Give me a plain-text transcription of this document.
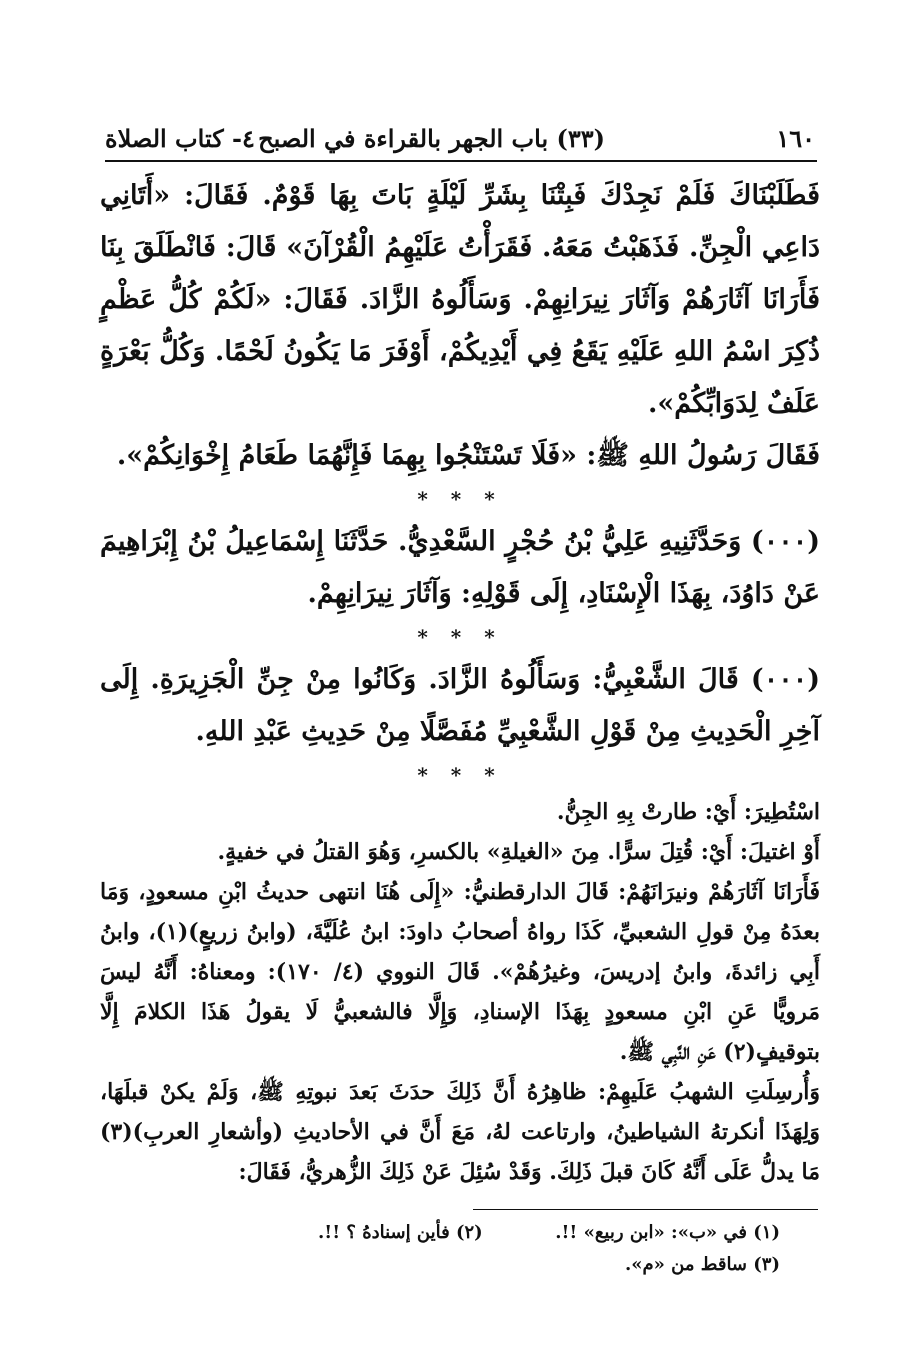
١٦٠
(٣٣) باب الجهر بالقراءة في الصبح
٤- كتاب الصلاة

فَطَلَبْنَاكَ فَلَمْ نَجِدْكَ فَبِتْنَا بِشَرِّ لَيْلَةٍ بَاتَ بِهَا قَوْمٌ. فَقَالَ: «أَتَانِي دَاعِي الْجِنِّ. فَذَهَبْتُ مَعَهُ. فَقَرَأْتُ عَلَيْهِمُ الْقُرْآنَ» قَالَ: فَانْطَلَقَ بِنَا فَأَرَانَا آثَارَهُمْ وَآثَارَ نِيرَانِهِمْ. وَسَأَلُوهُ الزَّادَ. فَقَالَ: «لَكُمْ كُلُّ عَظْمٍ ذُكِرَ اسْمُ اللهِ عَلَيْهِ يَقَعُ فِي أَيْدِيكُمْ، أَوْفَرَ مَا يَكُونُ لَحْمًا. وَكُلُّ بَعْرَةٍ عَلَفٌ لِدَوَابِّكُمْ».

فَقَالَ رَسُولُ اللهِ ﷺ: «فَلَا تَسْتَنْجُوا بِهِمَا فَإِنَّهُمَا طَعَامُ إِخْوَانِكُمْ».

* * *

(٠٠٠) وَحَدَّثَنِيهِ عَلِيُّ بْنُ حُجْرٍ السَّعْدِيُّ. حَدَّثَنَا إِسْمَاعِيلُ بْنُ إِبْرَاهِيمَ عَنْ دَاوُدَ، بِهَذَا الْإِسْنَادِ، إِلَى قَوْلِهِ: وَآثَارَ نِيرَانِهِمْ.

* * *

(٠٠٠) قَالَ الشَّعْبِيُّ: وَسَأَلُوهُ الزَّادَ. وَكَانُوا مِنْ جِنِّ الْجَزِيرَةِ. إِلَى آخِرِ الْحَدِيثِ مِنْ قَوْلِ الشَّعْبِيِّ مُفَصَّلًا مِنْ حَدِيثِ عَبْدِ اللهِ.

* * *

اسْتُطِيرَ: أَيْ: طارتْ بِهِ الجِنُّ.

أَوْ اغتيلَ: أَيْ: قُتِلَ سرًّا. مِنَ «الغيلةِ» بالكسرِ، وَهُوَ القتلُ في خفيةٍ.

فَأَرَانَا آثَارَهُمْ ونيرَانَهُمْ: قَالَ الدارقطنيُّ: «إِلَى هُنَا انتهى حديثُ ابْنِ مسعودٍ، وَمَا بعدَهُ مِنْ قولِ الشعبيِّ، كَذَا رواهُ أصحابُ داودَ: ابنُ عُلَيَّةَ، (وابنُ زريعٍ)(١)، وابنُ أَبِي زائدةَ، وابنُ إدريسَ، وغيرُهُمْ». قَالَ النووي (٤/ ١٧٠): ومعناهُ: أَنَّهُ ليسَ مَرويًّا عَنِ ابْنِ مسعودٍ بِهَذَا الإسنادِ، وَإِلَّا فالشعبيُّ لَا يقولُ هَذَا الكلامَ إِلَّا بتوقيفٍ(٢) عَنِ النَّبِي ﷺ.

وَأُرسِلَتِ الشهبُ عَلَيهِمْ: ظاهِرُهُ أَنَّ ذَلِكَ حدَثَ بَعدَ نبوتِهِ ﷺ، وَلَمْ يكنْ قبلَهَا، وَلِهَذَا أنكرتهُ الشياطينُ، وارتاعت لهُ، مَعَ أَنَّ في الأحاديثِ (وأشعارِ العربِ)(٣) مَا يدلُّ عَلَى أَنَّهُ كَانَ قبلَ ذَلِكَ. وَقَدْ سُئِلَ عَنْ ذَلِكَ الزُّهريُّ، فَقَالَ:

(١) في «ب»: «ابن ربيع» !!.  (٢) فأين إسنادهُ ؟ !!.
(٣) ساقط من «م».
